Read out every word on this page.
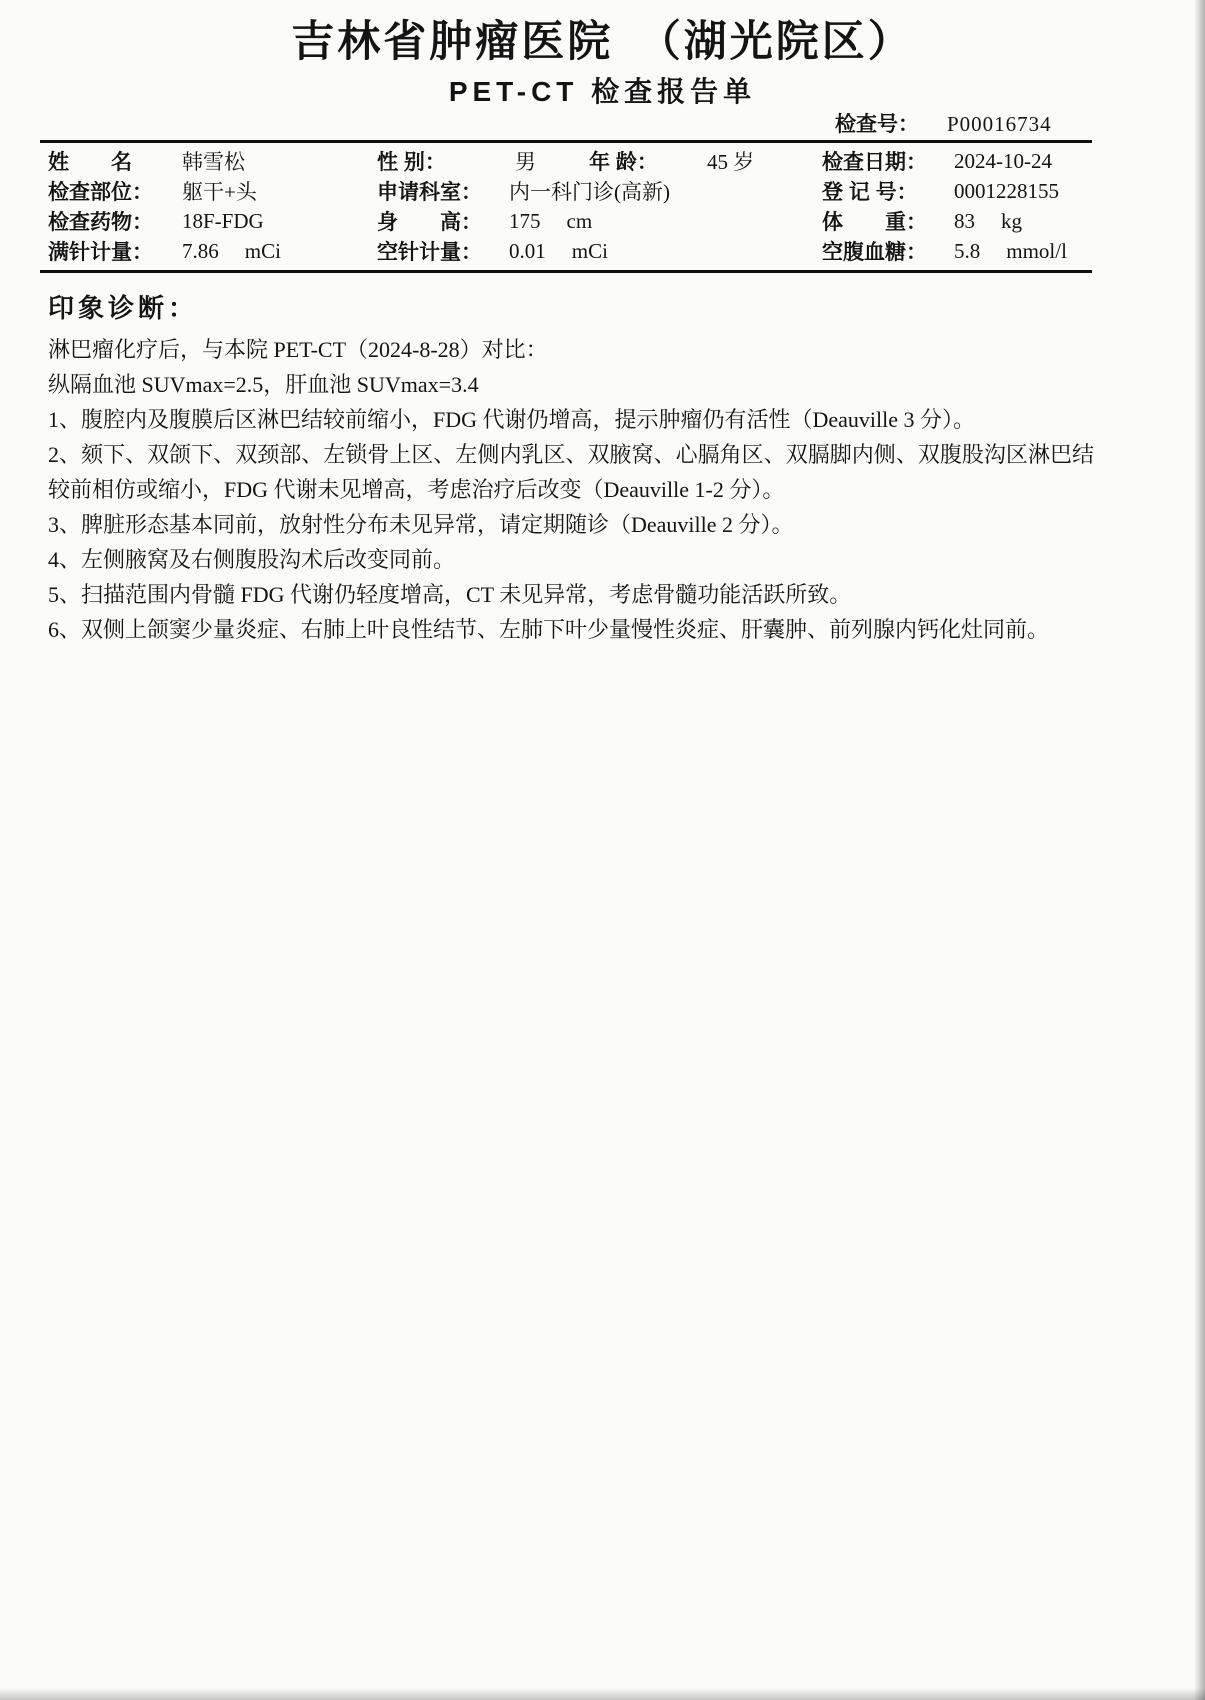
吉林省肿瘤医院　（湖光院区）
PET-CT 检查报告单
检查号： P00016734
姓　　名	韩雪松	性 别：	男	年 龄：	45 岁	检查日期：	2024-10-24
检查部位：	躯干+头	申请科室：	内一科门诊(高新)	登 记 号：	0001228155
检查药物：	18F-FDG	身　　高：	175 cm	体　　重：	83 kg
满针计量：	7.86 mCi	空针计量：	0.01 mCi	空腹血糖：	5.8 mmol/l
印象诊断：

淋巴瘤化疗后，与本院 PET-CT（2024-8-28）对比：

纵隔血池 SUVmax=2.5，肝血池 SUVmax=3.4

1、腹腔内及腹膜后区淋巴结较前缩小，FDG 代谢仍增高，提示肿瘤仍有活性（Deauville 3 分）。

2、颏下、双颌下、双颈部、左锁骨上区、左侧内乳区、双腋窝、心膈角区、双膈脚内侧、双腹股沟区淋巴结较前相仿或缩小，FDG 代谢未见增高，考虑治疗后改变（Deauville 1-2 分）。

3、脾脏形态基本同前，放射性分布未见异常，请定期随诊（Deauville 2 分）。

4、左侧腋窝及右侧腹股沟术后改变同前。

5、扫描范围内骨髓 FDG 代谢仍轻度增高，CT 未见异常，考虑骨髓功能活跃所致。

6、双侧上颌窦少量炎症、右肺上叶良性结节、左肺下叶少量慢性炎症、肝囊肿、前列腺内钙化灶同前。
